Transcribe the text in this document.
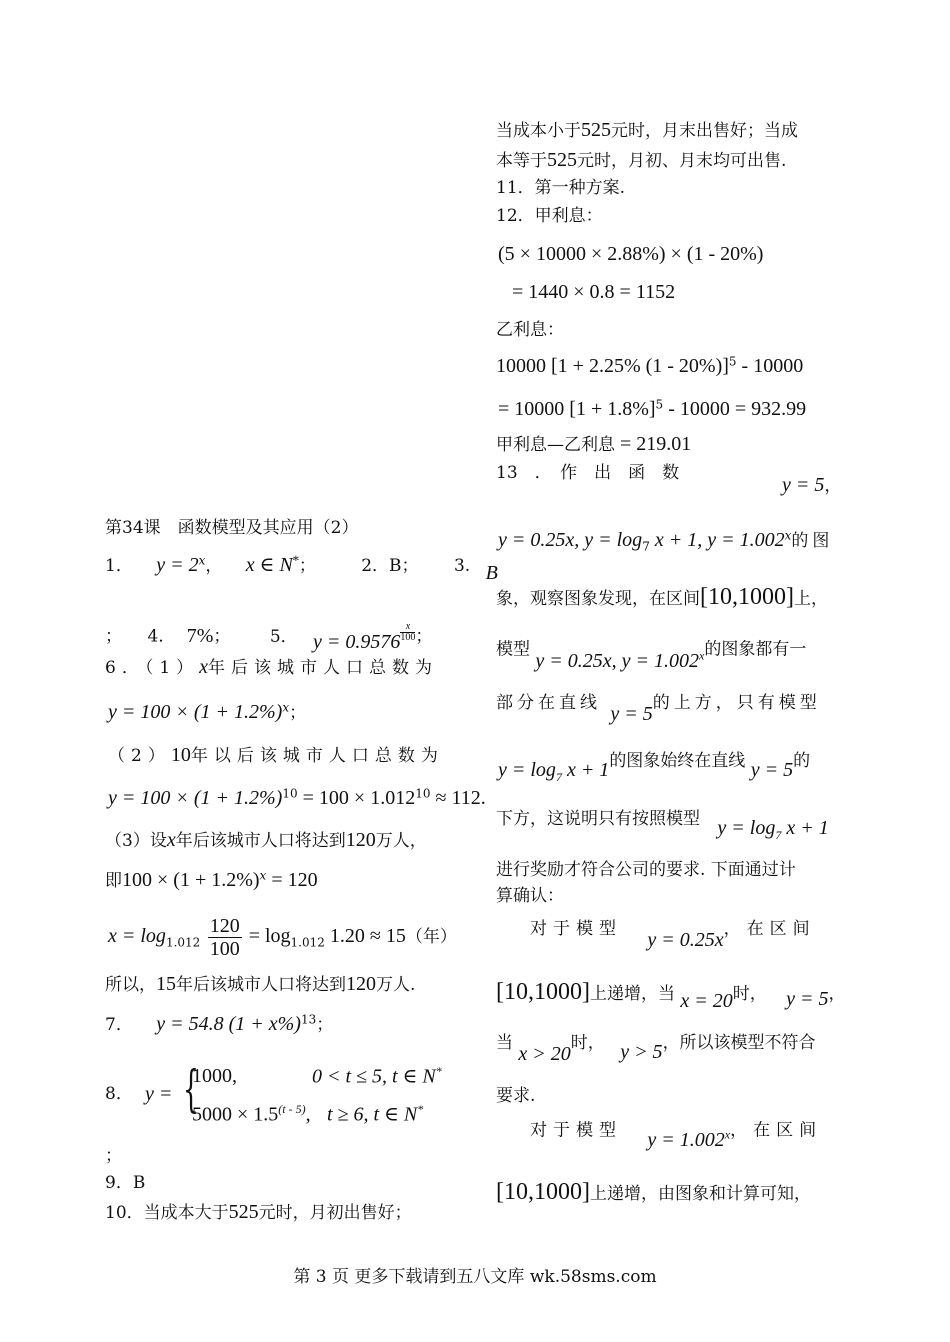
第34课　函数模型及其应用（2）
1． $y = 2^x$， x ∈ N*；	2．B； 3. B
；　　4． 7%； 5． $y = 0.9576 \frac{x}{100}$ ；
6．（1）x年后该城市人口总数为
$y = 100 \times (1 + 1.2\%)^x$；
（2）10年以后该城市人口总数为
$y = 100 \times (1 + 1.2\%)^{10} = 100 \times 1.012^{10} \approx 112$.
（3）设x年后该城市人口将达到120万人，
即$100 \times (1 + 1.2\%)^x = 120$
$x = \log_{1.012} \frac{120}{100} = \log_{1.012} 1.20 \approx 15$（年）
所以，15年后该城市人口将达到120万人.
7． y = 54.8 $(1 + x\%)^{13}$；
8． y = {
1000,	0 < t ≤ 5, t ∈ N*
$5000 \times 1.5^{(t - 5)}$, t ≥ 6, t ∈ N*
；
9．B
10．当成本大于525元时，月初出售好；
当成本小于525元时，月末出售好；当成
本等于525元时，月初、月末均可出售.
11．第一种方案.
12．甲利息：
(5 × 10000 × 2.88%) × (1 - 20%)
= 1440 × 0.8 = 1152
乙利息：
10000 [1 + 2.25% (1 - 20%)]$^5$ - 10000
= 10000 $[1 + 1.8\%]^5 - 10000 = 932.99$
甲利息—乙利息 = 219.01
13　．　作　出　函　数
y = 5，
y = 0.25x, $y = \log_7 x + 1$, $y = 1.002^x$的图
象，观察图象发现，在区间[10,1000]上，
模型 y = 0.25x, $y = 1.002^x$的图象都有一
部分在直线 y = 5的上方，只有模型
$y = \log_7 x + 1$的图象始终在直线 y = 5的
下方，这说明只有按照模型 $y = \log_7 x + 1$
进行奖励才符合公司的要求. 下面通过计
算确认：
对于模型 y = 0.25x，在区间
[10,1000]上递增，当 x = 20时， y = 5，
当 x > 20时， y > 5，所以该模型不符合
要求.
对于模型 $y = 1.002^x$，在区间
[10,1000]上递增，由图象和计算可知，
第 3 页 更多下载请到五八文库 wk.58sms.com
